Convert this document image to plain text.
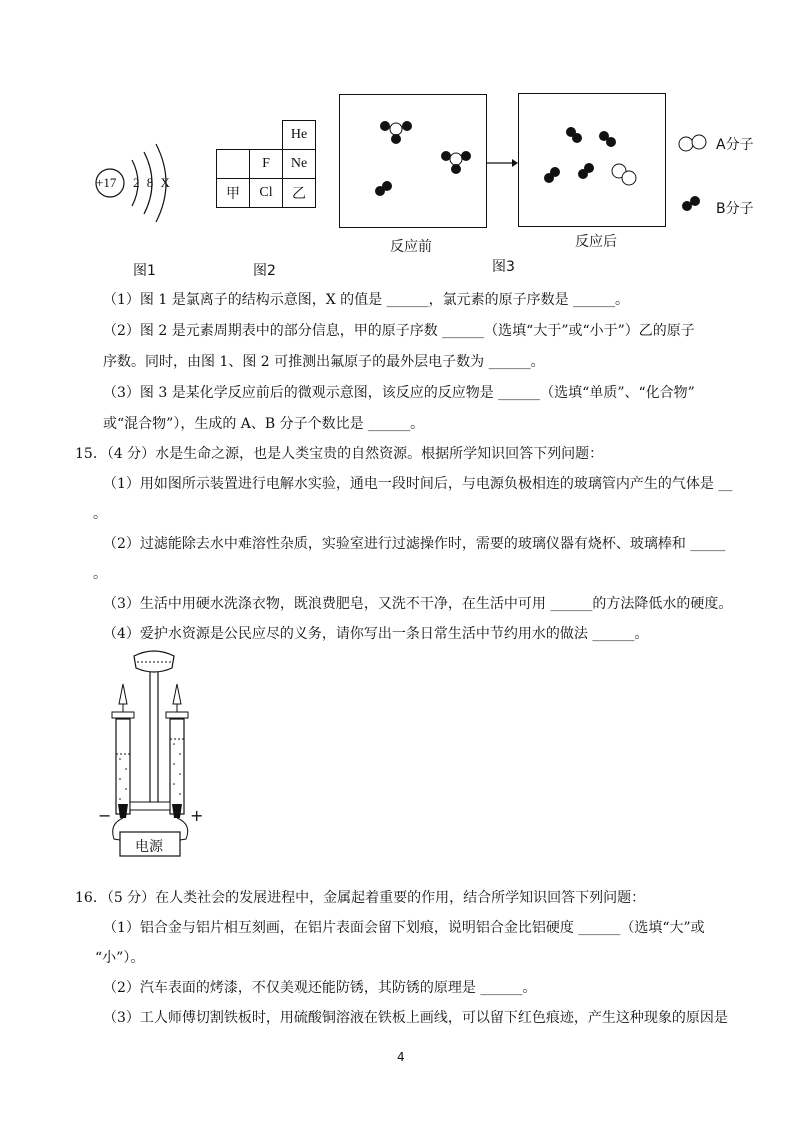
+17 2 8 X
图1
		He
	F	Ne
甲	Cl	乙
图2
反应前	反应后
图3
A分子
B分子
（1）图 1 是氯离子的结构示意图，X 的值是 ______，氯元素的原子序数是 ______。
（2）图 2 是元素周期表中的部分信息，甲的原子序数 ______（选填“大于”或“小于”）乙的原子
序数。同时，由图 1、图 2 可推测出氟原子的最外层电子数为 ______。
（3）图 3 是某化学反应前后的微观示意图，该反应的反应物是 ______（选填“单质”、“化合物”
或“混合物”），生成的 A、B 分子个数比是 ______。
15．（4 分）水是生命之源，也是人类宝贵的自然资源。根据所学知识回答下列问题：
（1）用如图所示装置进行电解水实验，通电一段时间后，与电源负极相连的玻璃管内产生的气体是 __
。
（2）过滤能除去水中难溶性杂质，实验室进行过滤操作时，需要的玻璃仪器有烧杯、玻璃棒和 _____
。
（3）生活中用硬水洗涤衣物，既浪费肥皂，又洗不干净，在生活中可用 ______的方法降低水的硬度。
（4）爱护水资源是公民应尽的义务，请你写出一条日常生活中节约用水的做法 ______。
−	+
电源
16．（5 分）在人类社会的发展进程中，金属起着重要的作用，结合所学知识回答下列问题：
（1）铝合金与铝片相互刻画，在铝片表面会留下划痕，说明铝合金比铝硬度 ______（选填“大”或
“小”）。
（2）汽车表面的烤漆，不仅美观还能防锈，其防锈的原理是 ______。
（3）工人师傅切割铁板时，用硫酸铜溶液在铁板上画线，可以留下红色痕迹，产生这种现象的原因是
4
